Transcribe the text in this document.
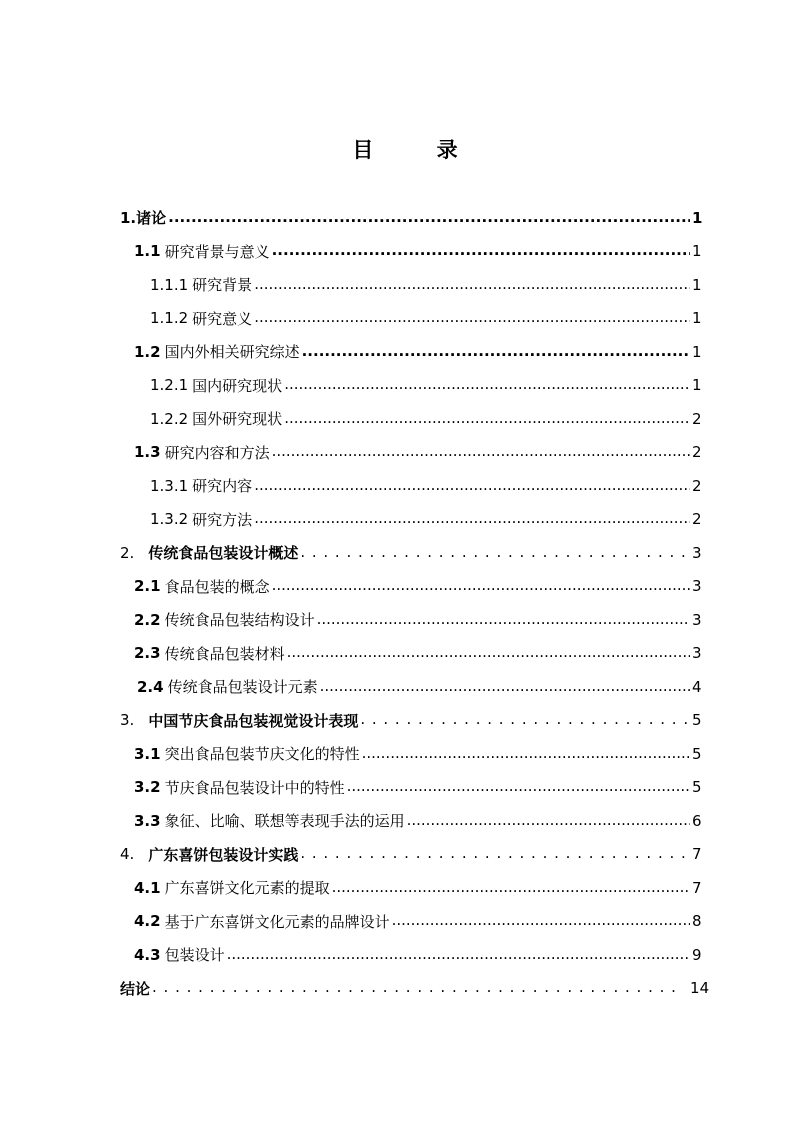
目 录
1. 诸论 .....	1
1.1 研究背景与意义 .....	1
1.1.1 研究背景 .....	1
1.1.2 研究意义 .....	1
1.2 国内外相关研究综述 .....	1
1.2.1 国内研究现状 .....	1
1.2.2 国外研究现状 .....	2
1.3 研究内容和方法 .....	2
1.3.1 研究内容 .....	2
1.3.2 研究方法 .....	2
2. 传统食品包装设计概述 . . .	3
2.1 食品包装的概念 .....	3
2.2 传统食品包装结构设计 .....	3
2.3 传统食品包装材料 .....	3
2.4 传统食品包装设计元素 .....	4
3. 中国节庆食品包装视觉设计表现 . . .	5
3.1 突出食品包装节庆文化的特性 .....	5
3.2 节庆食品包装设计中的特性 .....	5
3.3 象征、比喻、联想等表现手法的运用 .....	6
4. 广东喜饼包装设计实践 . . .	7
4.1 广东喜饼文化元素的提取 .....	7
4.2 基于广东喜饼文化元素的品牌设计 .....	8
4.3 包装设计 .....	9
结论 . . .	14
